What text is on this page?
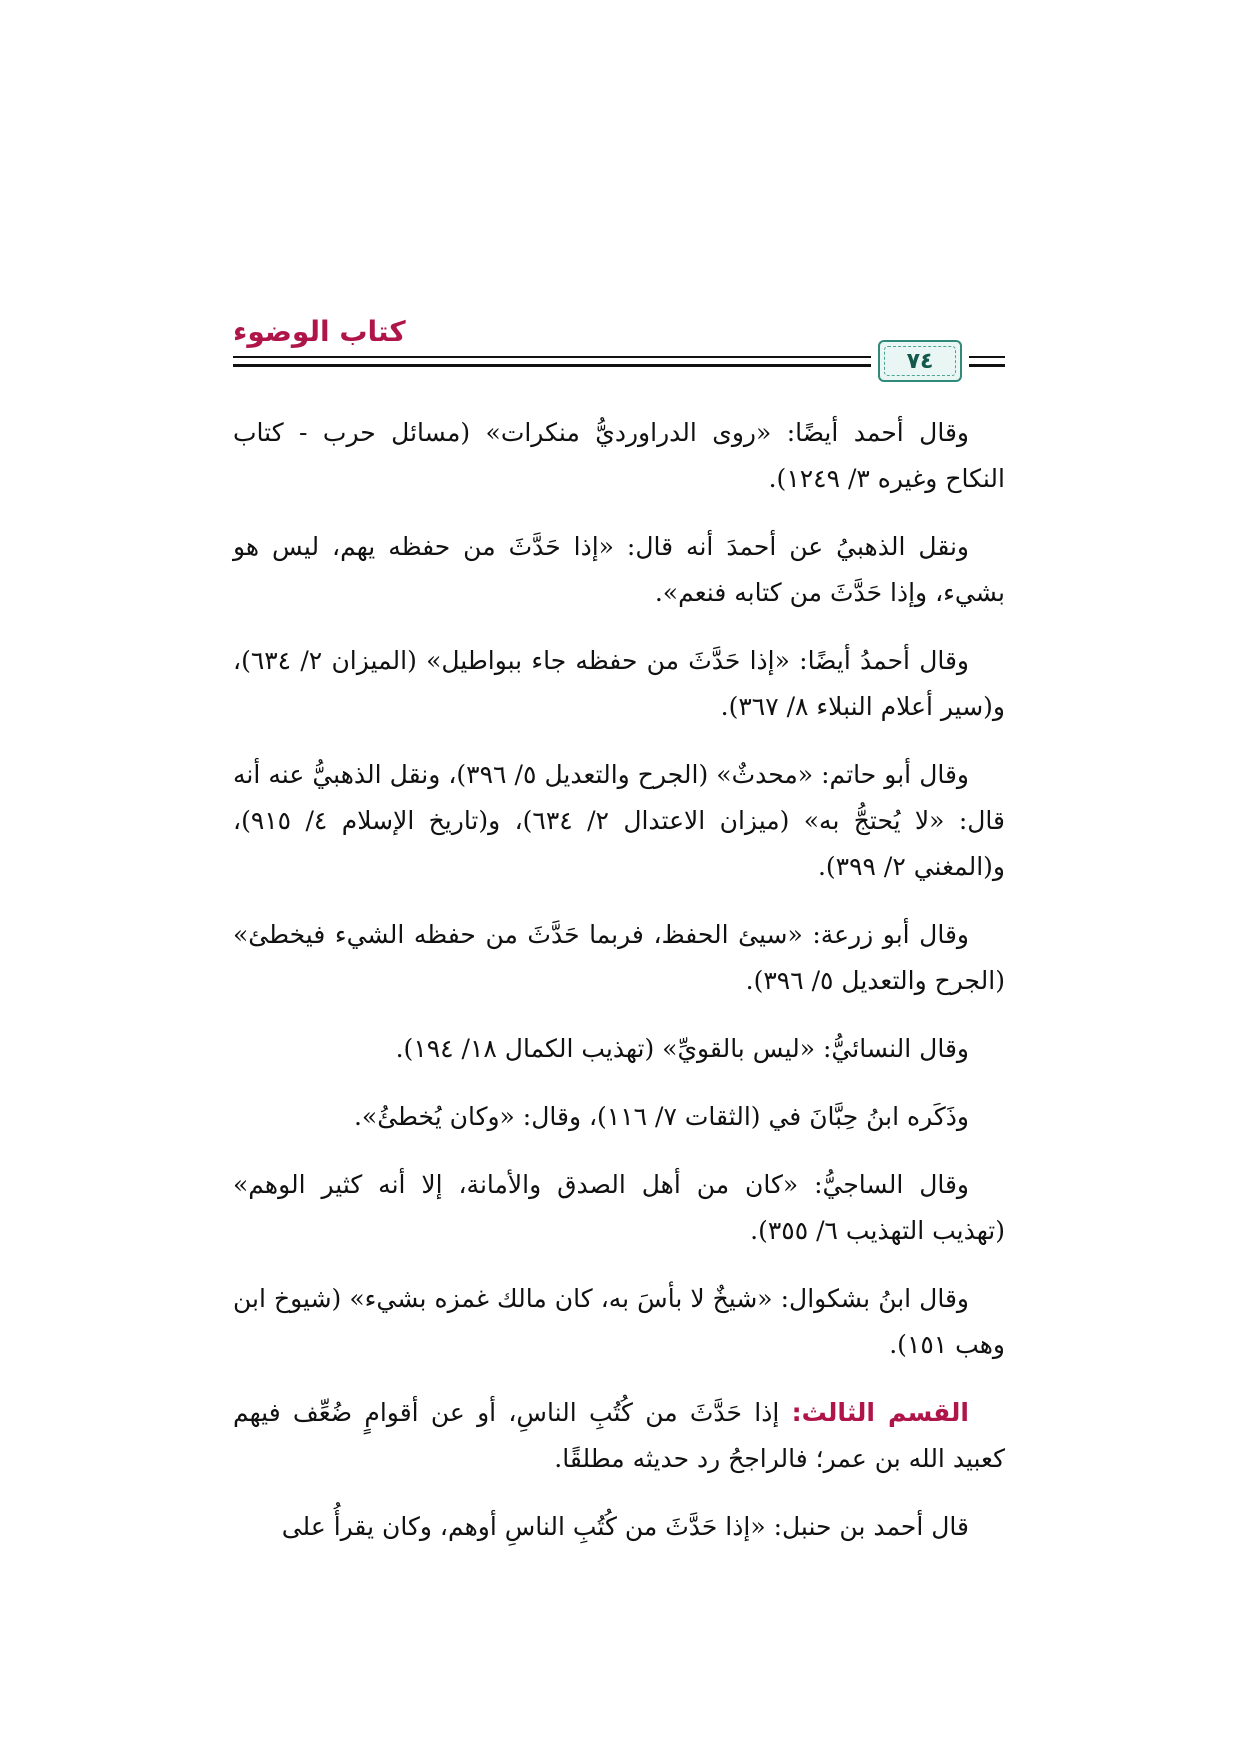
كتاب الوضوء
٧٤

وقال أحمد أيضًا: «روى الدراورديُّ منكرات» (مسائل حرب - كتاب النكاح وغيره ٣/ ١٢٤٩).

ونقل الذهبيُ عن أحمدَ أنه قال: «إذا حَدَّثَ من حفظه يهم، ليس هو بشيء، وإذا حَدَّثَ من كتابه فنعم».

وقال أحمدُ أيضًا: «إذا حَدَّثَ من حفظه جاء ببواطيل» (الميزان ٢/ ٦٣٤)، و(سير أعلام النبلاء ٨/ ٣٦٧).

وقال أبو حاتم: «محدثٌ» (الجرح والتعديل ٥/ ٣٩٦)، ونقل الذهبيُّ عنه أنه قال: «لا يُحتجُّ به» (ميزان الاعتدال ٢/ ٦٣٤)، و(تاريخ الإسلام ٤/ ٩١٥)، و(المغني ٢/ ٣٩٩).

وقال أبو زرعة: «سيئ الحفظ، فربما حَدَّثَ من حفظه الشيء فيخطئ» (الجرح والتعديل ٥/ ٣٩٦).

وقال النسائيُّ: «ليس بالقويِّ» (تهذيب الكمال ١٨/ ١٩٤).

وذَكَره ابنُ حِبَّانَ في (الثقات ٧/ ١١٦)، وقال: «وكان يُخطئُ».

وقال الساجيُّ: «كان من أهل الصدق والأمانة، إلا أنه كثير الوهم» (تهذيب التهذيب ٦/ ٣٥٥).

وقال ابنُ بشكوال: «شيخٌ لا بأسَ به، كان مالك غمزه بشيء» (شيوخ ابن وهب ١٥١).

القسم الثالث: إذا حَدَّثَ من كُتُبِ الناسِ، أو عن أقوامٍ ضُعِّف فيهم كعبيد الله بن عمر؛ فالراجحُ رد حديثه مطلقًا.

قال أحمد بن حنبل: «إذا حَدَّثَ من كُتُبِ الناسِ أوهم، وكان يقرأُ على
